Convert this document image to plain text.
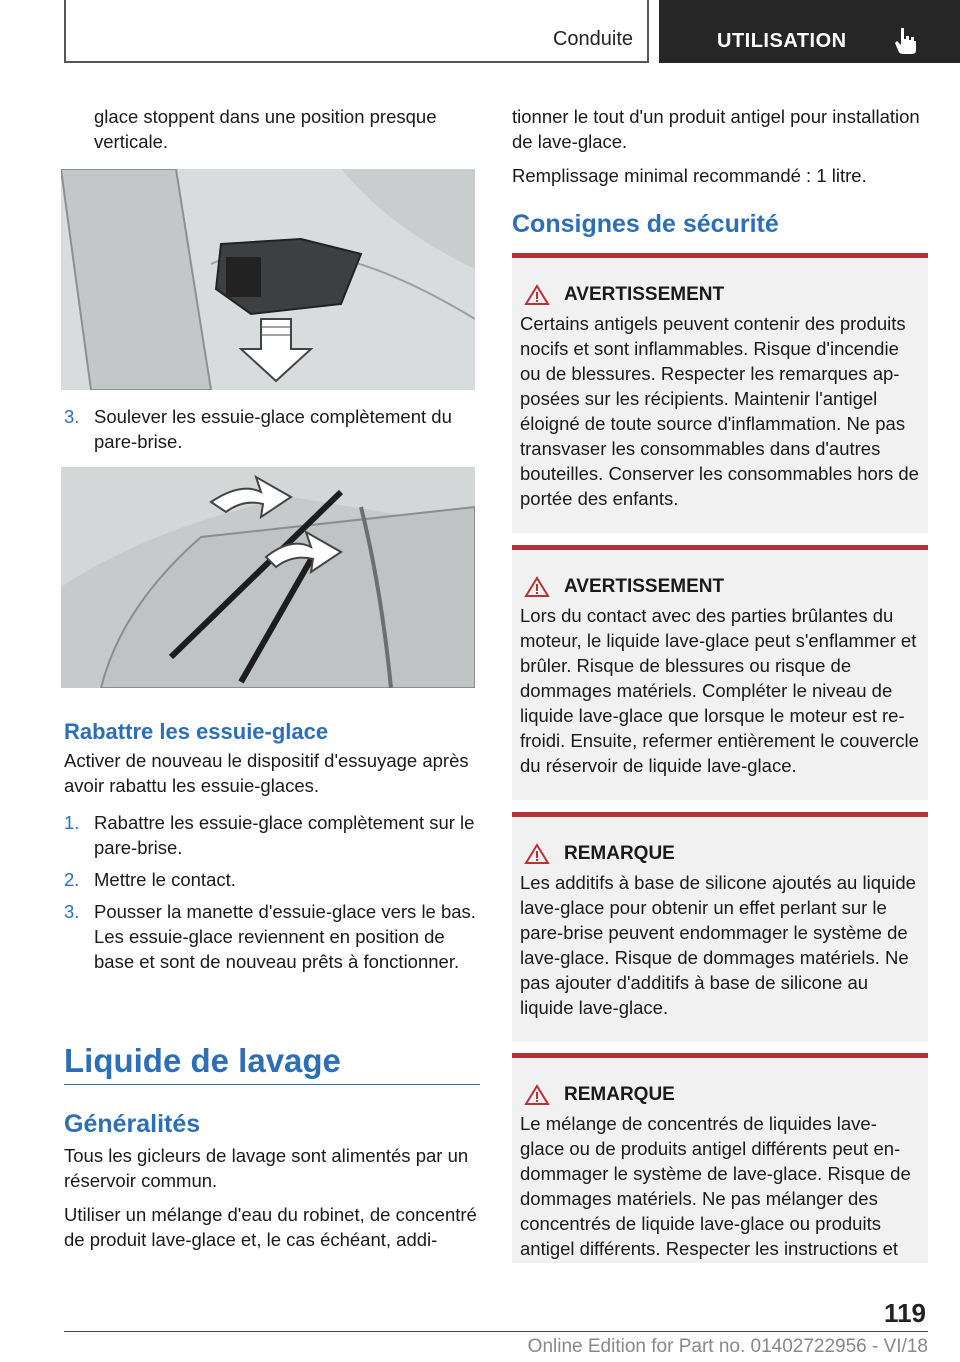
Conduite	UTILISATION
glace stoppent dans une position presque verticale.
3. Soulever les essuie-glace complètement du pare-brise.
Rabattre les essuie-glace

Activer de nouveau le dispositif d'essuyage après avoir rabattu les essuie-glaces.

1. Rabattre les essuie-glace complètement sur le pare-brise.
2. Mettre le contact.
3. Pousser la manette d'essuie-glace vers le bas. Les essuie-glace reviennent en position de base et sont de nouveau prêts à fonctionner.
Liquide de lavage
Généralités

Tous les gicleurs de lavage sont alimentés par un réservoir commun.

Utiliser un mélange d'eau du robinet, de concentré de produit lave-glace et, le cas échéant, addi-

tionner le tout d'un produit antigel pour installation de lave-glace.

Remplissage minimal recommandé : 1 litre.

Consignes de sécurité
AVERTISSEMENT
Certains antigels peuvent contenir des produits nocifs et sont inflammables. Risque d'incendie ou de blessures. Respecter les remarques apposées sur les récipients. Maintenir l'antigel éloigné de toute source d'inflammation. Ne pas transvaser les consommables dans d'autres bouteilles. Conserver les consommables hors de portée des enfants.
AVERTISSEMENT
Lors du contact avec des parties brûlantes du moteur, le liquide lave-glace peut s'enflammer et brûler. Risque de blessures ou risque de dommages matériels. Compléter le niveau de liquide lave-glace que lorsque le moteur est refroidi. Ensuite, refermer entièrement le couvercle du réservoir de liquide lave-glace.
REMARQUE
Les additifs à base de silicone ajoutés au liquide lave-glace pour obtenir un effet perlant sur le pare-brise peuvent endommager le système de lave-glace. Risque de dommages matériels. Ne pas ajouter d'additifs à base de silicone au liquide lave-glace.
REMARQUE
Le mélange de concentrés de liquides lave-glace ou de produits antigel différents peut endommager le système de lave-glace. Risque de dommages matériels. Ne pas mélanger des concentrés de liquide lave-glace ou produits antigel différents. Respecter les instructions et
119
Online Edition for Part no. 01402722956 - VI/18
